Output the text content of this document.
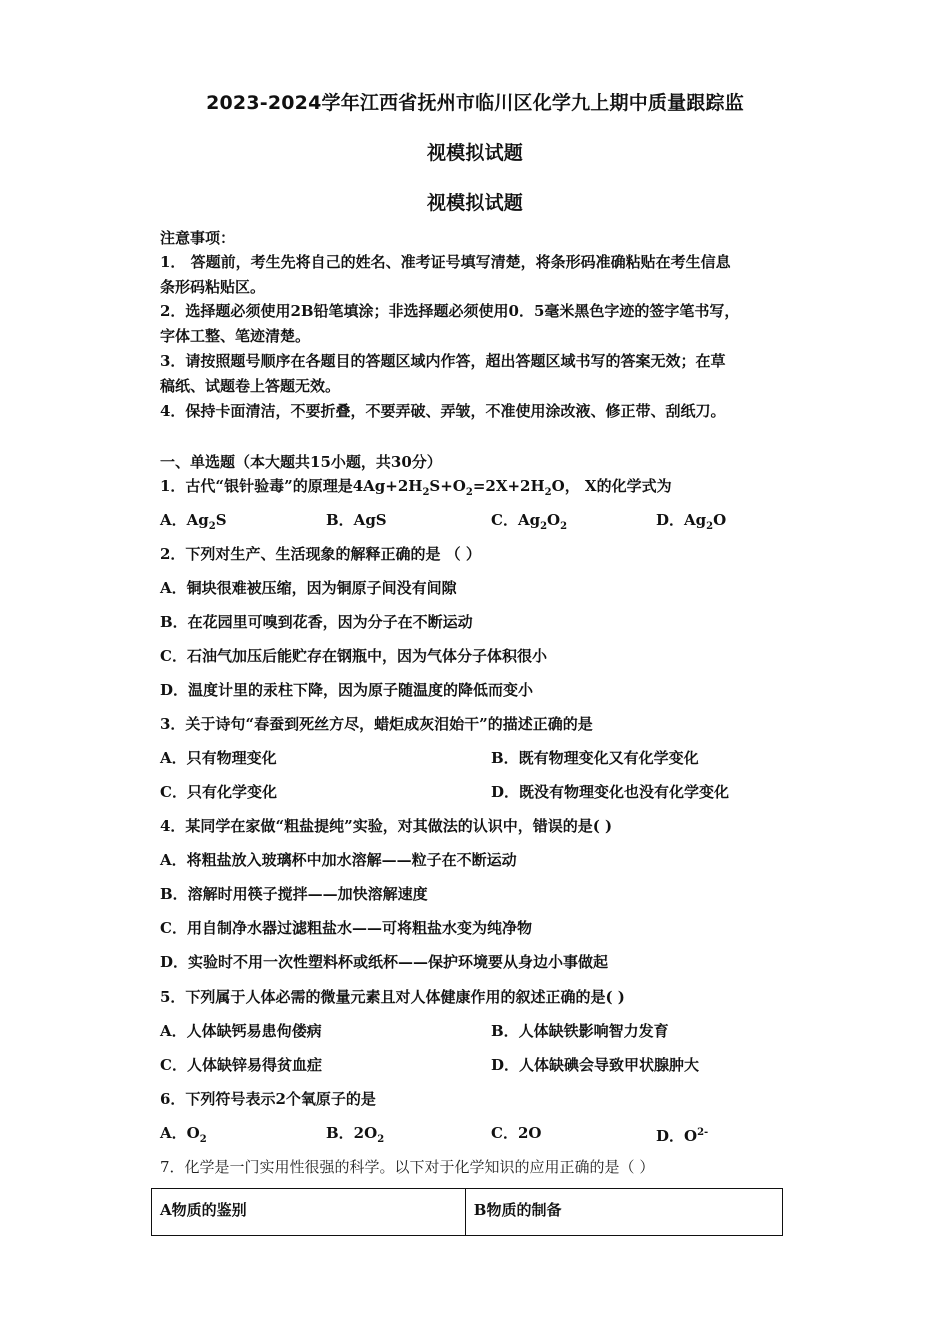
2023-2024学年江西省抚州市临川区化学九上期中质量跟踪监
视模拟试题
视模拟试题
注意事项：
1． 答题前，考生先将自己的姓名、准考证号填写清楚，将条形码准确粘贴在考生信息
条形码粘贴区。
2．选择题必须使用2B铅笔填涂；非选择题必须使用0．5毫米黑色字迹的签字笔书写，
字体工整、笔迹清楚。
3．请按照题号顺序在各题目的答题区域内作答，超出答题区域书写的答案无效；在草
稿纸、试题卷上答题无效。
4．保持卡面清洁，不要折叠，不要弄破、弄皱，不准使用涂改液、修正带、刮纸刀。
一、单选题（本大题共15小题，共30分）
1．古代“银针验毒”的原理是$4Ag+2H_2S+O_2=2X+2H_2O$， X的化学式为
A．$Ag_2S$	B．AgS	C．$Ag_2O_2$	D．$Ag_2O$
2．下列对生产、生活现象的解释正确的是 （ ）
A．铜块很难被压缩，因为铜原子间没有间隙
B．在花园里可嗅到花香，因为分子在不断运动
C．石油气加压后能贮存在钢瓶中，因为气体分子体积很小
D．温度计里的汞柱下降，因为原子随温度的降低而变小
3．关于诗句“春蚕到死丝方尽，蜡炬成灰泪始干”的描述正确的是
A．只有物理变化	B．既有物理变化又有化学变化
C．只有化学变化	D．既没有物理变化也没有化学变化
4．某同学在家做“粗盐提纯”实验，对其做法的认识中，错误的是( )
A．将粗盐放入玻璃杯中加水溶解——粒子在不断运动
B．溶解时用筷子搅拌——加快溶解速度
C．用自制净水器过滤粗盐水——可将粗盐水变为纯净物
D．实验时不用一次性塑料杯或纸杯——保护环境要从身边小事做起
5．下列属于人体必需的微量元素且对人体健康作用的叙述正确的是( )
A．人体缺钙易患佝偻病	B．人体缺铁影响智力发育
C．人体缺锌易得贫血症	D．人体缺碘会导致甲状腺肿大
6．下列符号表示2个氧原子的是
A．$O_2$	B．$2O_2$	C．2O	D．$O^{2-}$
7．化学是一门实用性很强的科学。以下对于化学知识的应用正确的是（ ）
A物质的鉴别	B物质的制备
